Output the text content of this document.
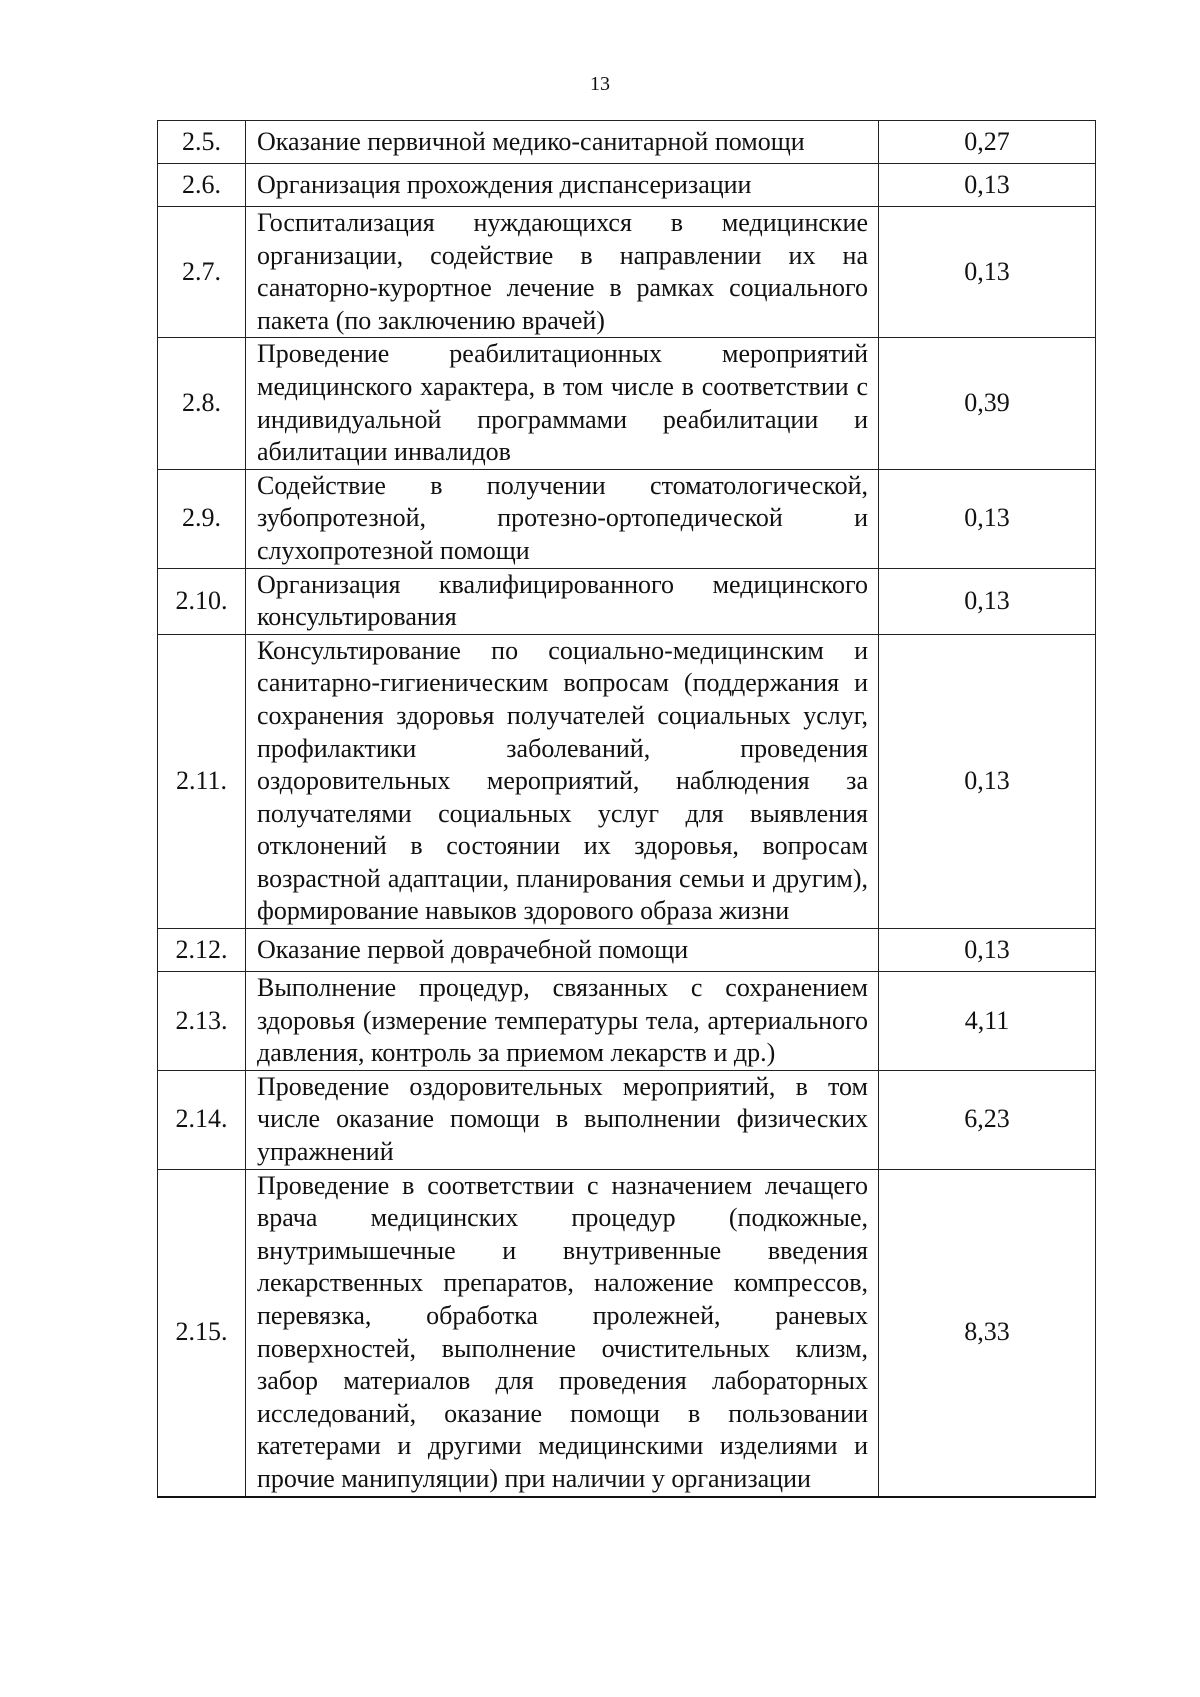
13
2.5.	Оказание первичной медико-санитарной помощи	0,27
2.6.	Организация прохождения диспансеризации	0,13
2.7.	Госпитализация нуждающихся в медицинские организации, содействие в направлении их на санаторно-курортное лечение в рамках социального пакета (по заключению врачей)	0,13
2.8.	Проведение реабилитационных мероприятий медицинского характера, в том числе в соответствии с индивидуальной программами реабилитации и абилитации инвалидов	0,39
2.9.	Содействие в получении стоматологической, зубопротезной, протезно-ортопедической и слухопротезной помощи	0,13
2.10.	Организация квалифицированного медицинского консультирования	0,13
2.11.	Консультирование по социально-медицинским и санитарно-гигиеническим вопросам (поддержания и сохранения здоровья получателей социальных услуг, профилактики заболеваний, проведения оздоровительных мероприятий, наблюдения за получателями социальных услуг для выявления отклонений в состоянии их здоровья, вопросам возрастной адаптации, планирования семьи и другим), формирование навыков здорового образа жизни	0,13
2.12.	Оказание первой доврачебной помощи	0,13
2.13.	Выполнение процедур, связанных с сохранением здоровья (измерение температуры тела, артериального давления, контроль за приемом лекарств и др.)	4,11
2.14.	Проведение оздоровительных мероприятий, в том числе оказание помощи в выполнении физических упражнений	6,23
2.15.	Проведение в соответствии с назначением лечащего врача медицинских процедур (подкожные, внутримышечные и внутривенные введения лекарственных препаратов, наложение компрессов, перевязка, обработка пролежней, раневых поверхностей, выполнение очистительных клизм, забор материалов для проведения лабораторных исследований, оказание помощи в пользовании катетерами и другими медицинскими изделиями и прочие манипуляции) при наличии у организации	8,33
